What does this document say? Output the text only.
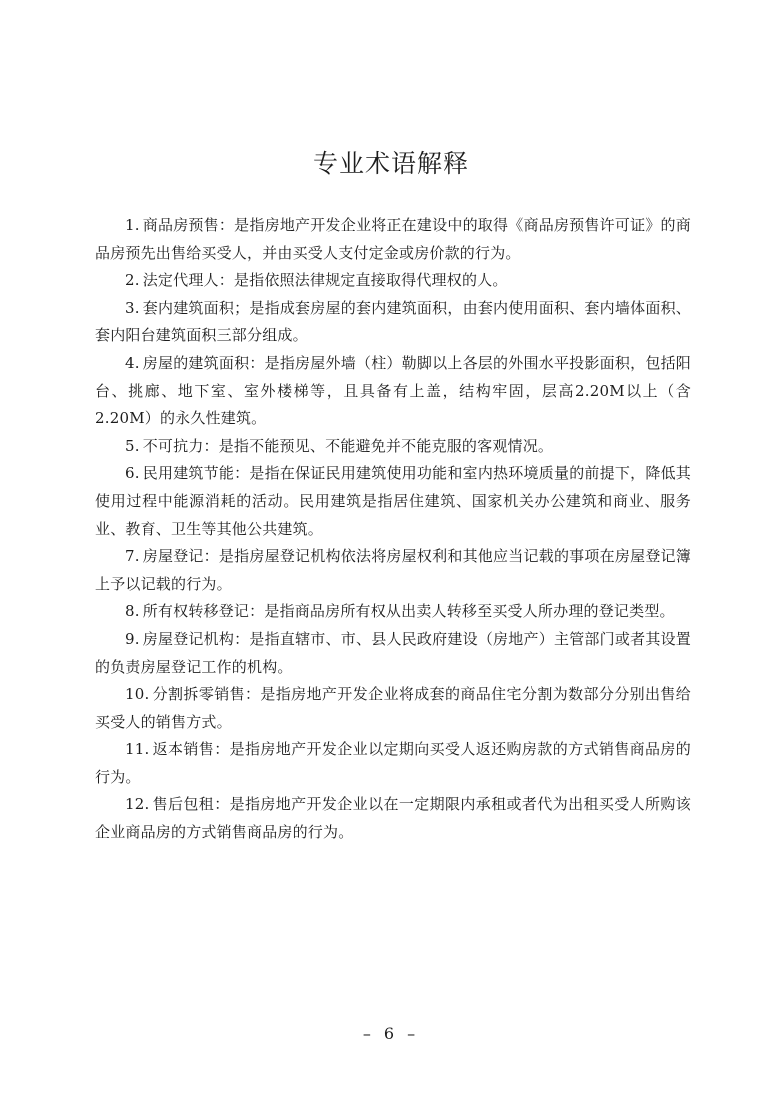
专业术语解释
1. 商品房预售：是指房地产开发企业将正在建设中的取得《商品房预售许可证》的商品房预先出售给买受人，并由买受人支付定金或房价款的行为。
2. 法定代理人：是指依照法律规定直接取得代理权的人。
3. 套内建筑面积；是指成套房屋的套内建筑面积，由套内使用面积、套内墙体面积、套内阳台建筑面积三部分组成。
4. 房屋的建筑面积：是指房屋外墙（柱）勒脚以上各层的外围水平投影面积，包括阳台、挑廊、地下室、室外楼梯等，且具备有上盖，结构牢固，层高2.20M以上（含2.20M）的永久性建筑。
5. 不可抗力：是指不能预见、不能避免并不能克服的客观情况。
6. 民用建筑节能：是指在保证民用建筑使用功能和室内热环境质量的前提下，降低其使用过程中能源消耗的活动。民用建筑是指居住建筑、国家机关办公建筑和商业、服务业、教育、卫生等其他公共建筑。
7. 房屋登记：是指房屋登记机构依法将房屋权利和其他应当记载的事项在房屋登记簿上予以记载的行为。
8. 所有权转移登记：是指商品房所有权从出卖人转移至买受人所办理的登记类型。
9. 房屋登记机构：是指直辖市、市、县人民政府建设（房地产）主管部门或者其设置的负责房屋登记工作的机构。
10. 分割拆零销售：是指房地产开发企业将成套的商品住宅分割为数部分分别出售给买受人的销售方式。
11. 返本销售：是指房地产开发企业以定期向买受人返还购房款的方式销售商品房的行为。
12. 售后包租：是指房地产开发企业以在一定期限内承租或者代为出租买受人所购该企业商品房的方式销售商品房的行为。
– 6 –
